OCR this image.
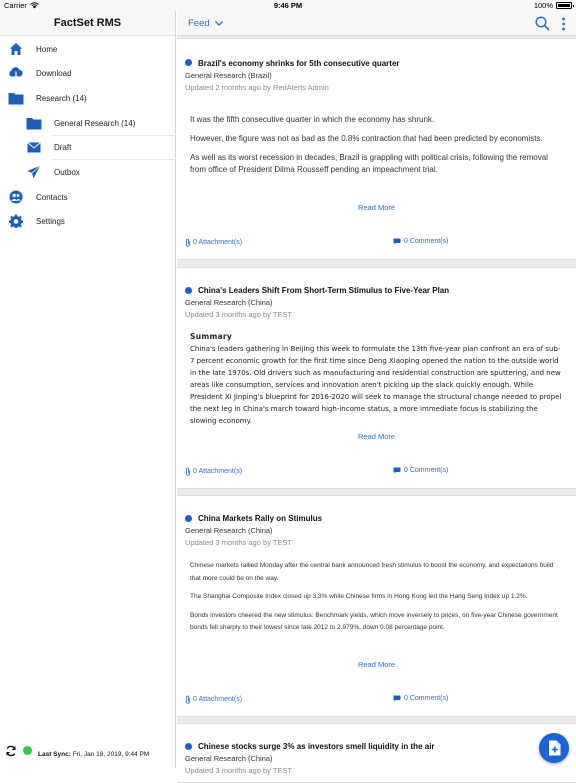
Carrier	9:46 PM	100%
FactSet RMS
Home
Download
Research (14)
General Research (14)
Draft
Outbox
Contacts
Settings
Last Sync: Fri, Jan 18, 2019, 9:44 PM
Feed
Brazil's economy shrinks for 5th consecutive quarter
General Research (Brazil)
Updated 2 months ago by RedAlerts Admin

It was the fifth consecutive quarter in which the economy has shrunk.

However, the figure was not as bad as the 0.8% contraction that had been predicted by economists.

As well as its worst recession in decades, Brazil is grappling with political crisis, following the removal from office of President Dilma Rousseff pending an impeachment trial.

Read More
0 Attachment(s)	0 Comment(s)
China's Leaders Shift From Short-Term Stimulus to Five-Year Plan
General Research (China)
Updated 3 months ago by TEST
Summary

China's leaders gathering in Beijing this week to formulate the 13th five-year plan confront an era of sub-7 percent economic growth for the first time since Deng Xiaoping opened the nation to the outside world in the late 1970s. Old drivers such as manufacturing and residential construction are sputtering, and new areas like consumption, services and innovation aren't picking up the slack quickly enough. While President Xi Jinping's blueprint for 2016-2020 will seek to manage the structural change needed to propel the next leg in China's march toward high-income status, a more immediate focus is stabilizing the slowing economy.

Read More
0 Attachment(s)	0 Comment(s)
China Markets Rally on Stimulus
General Research (China)
Updated 3 months ago by TEST

Chinese markets rallied Monday after the central bank announced fresh stimulus to boost the economy, and expectations build that more could be on the way.

The Shanghai Composite Index closed up 3.3% while Chinese firms in Hong Kong led the Hang Seng Index up 1.2%.

Bonds investors cheered the new stimulus: Benchmark yields, which move inversely to prices, on five-year Chinese government bonds fell sharply to their lowest since late 2012 to 2.979%, down 0.08 percentage point.

Read More
0 Attachment(s)	0 Comment(s)
Chinese stocks surge 3% as investors smell liquidity in the air
General Research (China)
Updated 3 months ago by TEST
